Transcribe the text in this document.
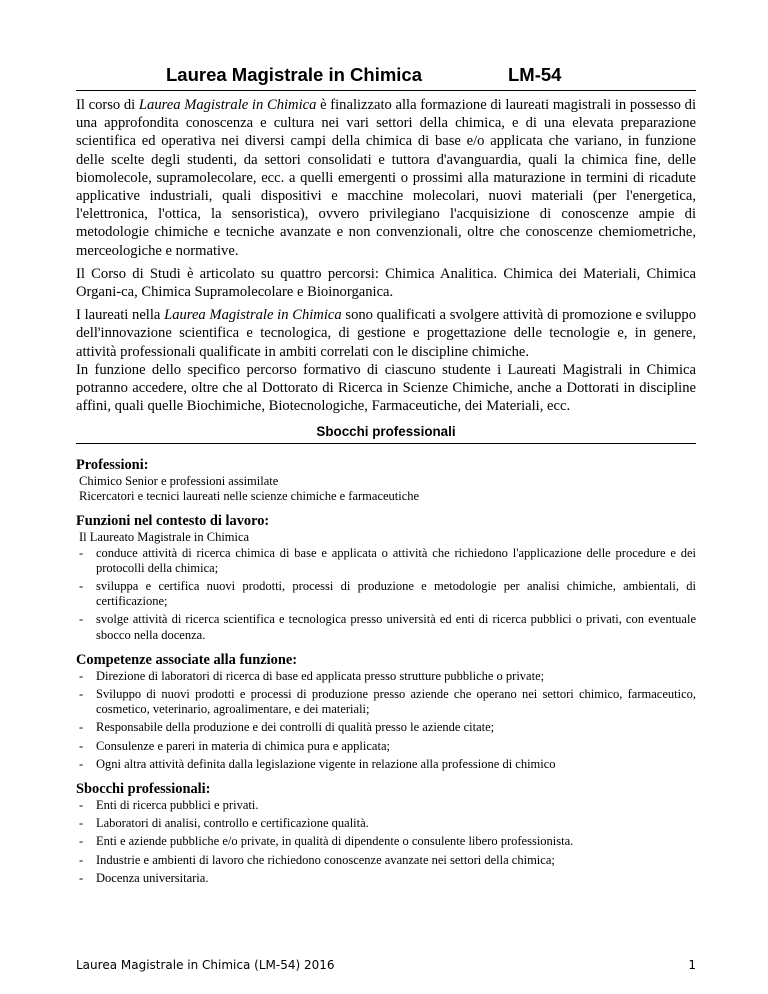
Laurea Magistrale in Chimica	LM-54

Il corso di Laurea Magistrale in Chimica è finalizzato alla formazione di laureati magistrali in possesso di una approfondita conoscenza e cultura nei vari settori della chimica, e di una elevata preparazione scientifica ed operativa nei diversi campi della chimica di base e/o applicata che variano, in funzione delle scelte degli studenti, da settori consolidati e tuttora d'avanguardia, quali la chimica fine, delle biomolecole, supramolecolare, ecc. a quelli emergenti o prossimi alla maturazione in termini di ricadute applicative industriali, quali dispositivi e macchine molecolari, nuovi materiali (per l'energetica, l'elettronica, l'ottica, la sensoristica), ovvero privilegiano l'acquisizione di conoscenze ampie di metodologie chimiche e tecniche avanzate e non convenzionali, oltre che conoscenze chemiometriche, merceologiche e normative.

Il Corso di Studi è articolato su quattro percorsi: Chimica Analitica. Chimica dei Materiali, Chimica Organi-ca, Chimica Supramolecolare e Bioinorganica.

I laureati nella Laurea Magistrale in Chimica sono qualificati a svolgere attività di promozione e sviluppo dell'innovazione scientifica e tecnologica, di gestione e progettazione delle tecnologie e, in genere, attività professionali qualificate in ambiti correlati con le discipline chimiche.

In funzione dello specifico percorso formativo di ciascuno studente i Laureati Magistrali in Chimica potranno accedere, oltre che al Dottorato di Ricerca in Scienze Chimiche, anche a Dottorati in discipline affini, quali quelle Biochimiche, Biotecnologiche, Farmaceutiche, dei Materiali, ecc.

Sbocchi professionali

Professioni:

Chimico Senior e professioni assimilate
Ricercatori e tecnici laureati nelle scienze chimiche e farmaceutiche

Funzioni nel contesto di lavoro:

Il Laureato Magistrale in Chimica
- conduce attività di ricerca chimica di base e applicata o attività che richiedono l'applicazione delle procedure e dei protocolli della chimica;
- sviluppa e certifica nuovi prodotti, processi di produzione e metodologie per analisi chimiche, ambientali, di certificazione;
- svolge attività di ricerca scientifica e tecnologica presso università ed enti di ricerca pubblici o privati, con eventuale sbocco nella docenza.

Competenze associate alla funzione:

- Direzione di laboratori di ricerca di base ed applicata presso strutture pubbliche o private;
- Sviluppo di nuovi prodotti e processi di produzione presso aziende che operano nei settori chimico, farmaceutico, cosmetico, veterinario, agroalimentare, e dei materiali;
- Responsabile della produzione e dei controlli di qualità presso le aziende citate;
- Consulenze e pareri in materia di chimica pura e applicata;
- Ogni altra attività definita dalla legislazione vigente in relazione alla professione di chimico

Sbocchi professionali:

- Enti di ricerca pubblici e privati.
- Laboratori di analisi, controllo e certificazione qualità.
- Enti e aziende pubbliche e/o private, in qualità di dipendente o consulente libero professionista.
- Industrie e ambienti di lavoro che richiedono conoscenze avanzate nei settori della chimica;
- Docenza universitaria.
Laurea Magistrale in Chimica (LM-54) 2016	1
